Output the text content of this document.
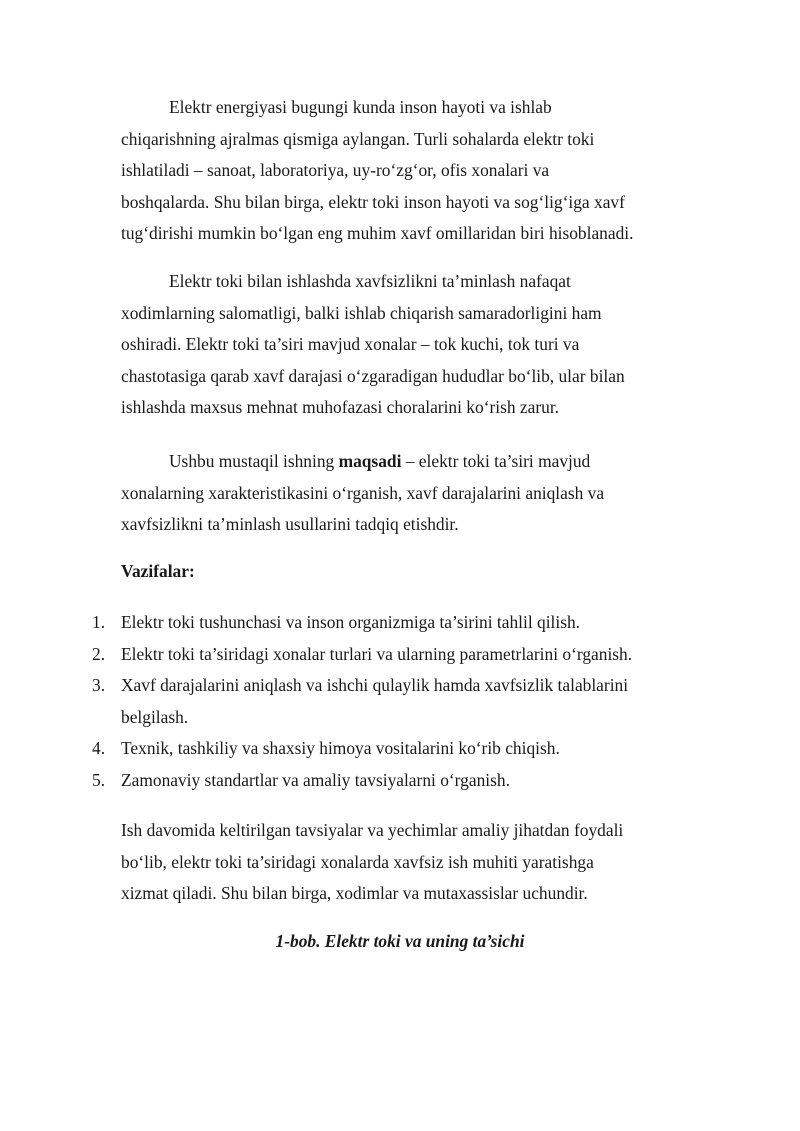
Elektr energiyasi bugungi kunda inson hayoti va ishlab
chiqarishning ajralmas qismiga aylangan. Turli sohalarda elektr toki
ishlatiladi – sanoat, laboratoriya, uy-ro‘zg‘or, ofis xonalari va
boshqalarda. Shu bilan birga, elektr toki inson hayoti va sog‘lig‘iga xavf
tug‘dirishi mumkin bo‘lgan eng muhim xavf omillaridan biri hisoblanadi.

Elektr toki bilan ishlashda xavfsizlikni ta’minlash nafaqat
xodimlarning salomatligi, balki ishlab chiqarish samaradorligini ham
oshiradi. Elektr toki ta’siri mavjud xonalar – tok kuchi, tok turi va
chastotasiga qarab xavf darajasi o‘zgaradigan hududlar bo‘lib, ular bilan
ishlashda maxsus mehnat muhofazasi choralarini ko‘rish zarur.

Ushbu mustaqil ishning maqsadi – elektr toki ta’siri mavjud
xonalarning xarakteristikasini o‘rganish, xavf darajalarini aniqlash va
xavfsizlikni ta’minlash usullarini tadqiq etishdir.

Vazifalar:

1. Elektr toki tushunchasi va inson organizmiga ta’sirini tahlil qilish.
2. Elektr toki ta’siridagi xonalar turlari va ularning parametrlarini o‘rganish.
3. Xavf darajalarini aniqlash va ishchi qulaylik hamda xavfsizlik talablarini
belgilash.
4. Texnik, tashkiliy va shaxsiy himoya vositalarini ko‘rib chiqish.
5. Zamonaviy standartlar va amaliy tavsiyalarni o‘rganish.

Ish davomida keltirilgan tavsiyalar va yechimlar amaliy jihatdan foydali
bo‘lib, elektr toki ta’siridagi xonalarda xavfsiz ish muhiti yaratishga
xizmat qiladi. Shu bilan birga, xodimlar va mutaxassislar uchundir.

1-bob. Elektr toki va uning ta’sichi
